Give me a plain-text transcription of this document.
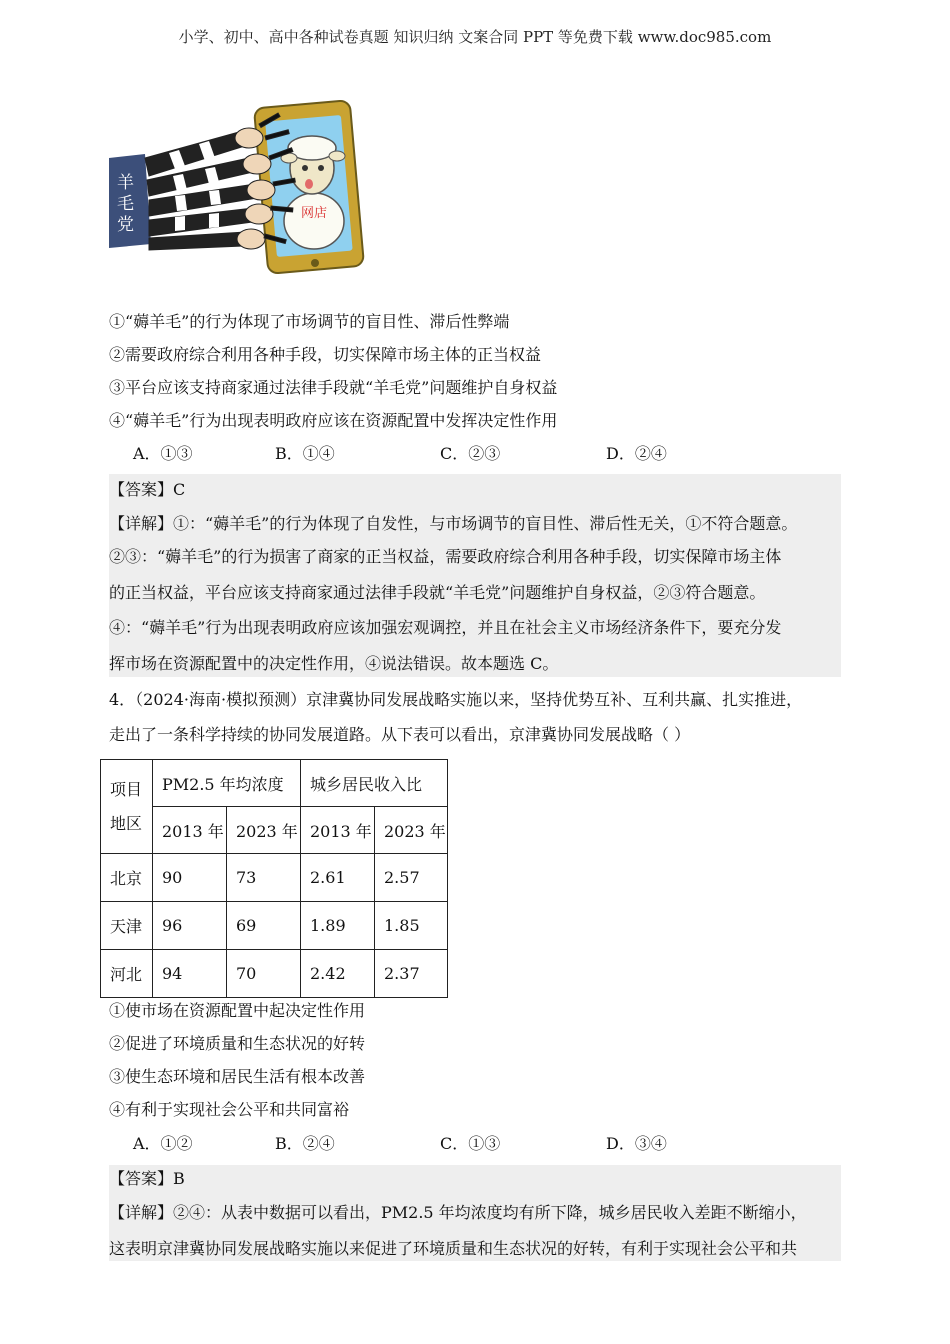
小学、初中、高中各种试卷真题 知识归纳 文案合同 PPT 等免费下载 www.doc985.com
网店
羊
毛
党
①“薅羊毛”的行为体现了市场调节的盲目性、滞后性弊端
②需要政府综合利用各种手段，切实保障市场主体的正当权益
③平台应该支持商家通过法律手段就“羊毛党”问题维护自身权益
④“薅羊毛”行为出现表明政府应该在资源配置中发挥决定性作用
A．①③	B．①④	C．②③	D．②④
【答案】C
【详解】①：“薅羊毛”的行为体现了自发性，与市场调节的盲目性、滞后性无关，①不符合题意。
②③：“薅羊毛”的行为损害了商家的正当权益，需要政府综合利用各种手段，切实保障市场主体
的正当权益，平台应该支持商家通过法律手段就“羊毛党”问题维护自身权益，②③符合题意。
④：“薅羊毛”行为出现表明政府应该加强宏观调控，并且在社会主义市场经济条件下，要充分发
挥市场在资源配置中的决定性作用，④说法错误。故本题选 C。
4．（2024·海南·模拟预测）京津冀协同发展战略实施以来，坚持优势互补、互利共赢、扎实推进，
走出了一条科学持续的协同发展道路。从下表可以看出，京津冀协同发展战略（ ）
项目
地区	PM2.5 年均浓度		城乡居民收入比	
	2013 年	2023 年	2013 年	2023 年
北京	90	73	2.61	2.57
天津	96	69	1.89	1.85
河北	94	70	2.42	2.37
①使市场在资源配置中起决定性作用
②促进了环境质量和生态状况的好转
③使生态环境和居民生活有根本改善
④有利于实现社会公平和共同富裕
A．①②	B．②④	C．①③	D．③④
【答案】B
【详解】②④：从表中数据可以看出，PM2.5 年均浓度均有所下降，城乡居民收入差距不断缩小，
这表明京津冀协同发展战略实施以来促进了环境质量和生态状况的好转，有利于实现社会公平和共
